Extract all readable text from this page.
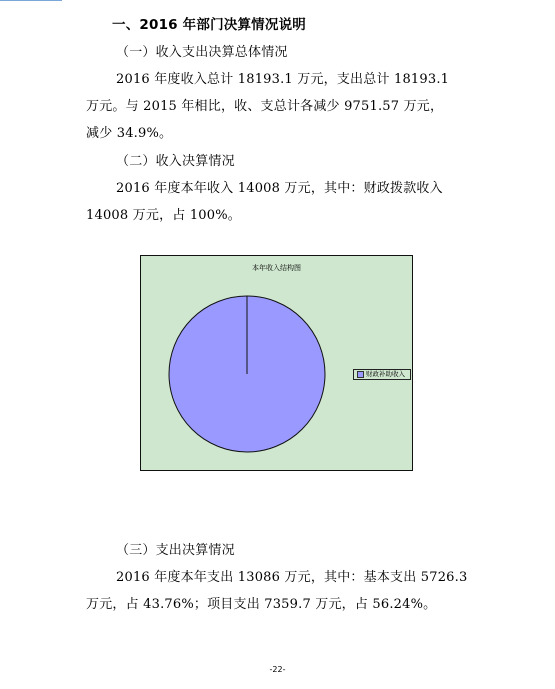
一、2016 年部门决算情况说明
（一）收入支出决算总体情况
2016 年度收入总计 18193.1 万元，支出总计 18193.1
万元。与 2015 年相比，收、支总计各减少 9751.57 万元，
减少 34.9%。
（二）收入决算情况
2016 年度本年收入 14008 万元，其中：财政拨款收入
14008 万元，占 100%。
本年收入结构图
财政补助收入
（三）支出决算情况
2016 年度本年支出 13086 万元，其中：基本支出 5726.3
万元，占 43.76%；项目支出 7359.7 万元，占 56.24%。
-22-
